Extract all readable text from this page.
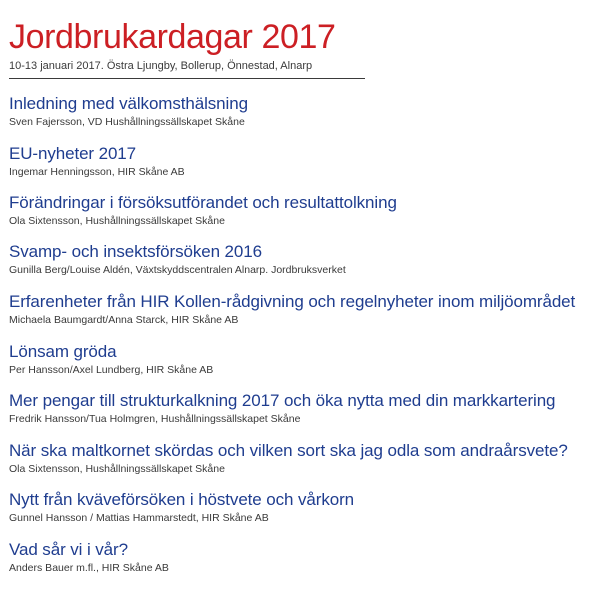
Jordbrukardagar 2017
10-13 januari 2017. Östra Ljungby, Bollerup, Önnestad, Alnarp
Inledning med välkomsthälsning
Sven Fajersson, VD Hushållningssällskapet Skåne
EU-nyheter 2017
Ingemar Henningsson, HIR Skåne AB
Förändringar i försöksutförandet och resultattolkning
Ola Sixtensson, Hushållningssällskapet Skåne
Svamp- och insektsförsöken 2016
Gunilla Berg/Louise Aldén, Växtskyddscentralen Alnarp. Jordbruksverket
Erfarenheter från HIR Kollen-rådgivning och regelnyheter inom miljöområdet
Michaela Baumgardt/Anna Starck, HIR Skåne AB
Lönsam gröda
Per Hansson/Axel Lundberg, HIR Skåne AB
Mer pengar till strukturkalkning 2017 och öka nytta med din markkartering
Fredrik Hansson/Tua Holmgren, Hushållningssällskapet Skåne
När ska maltkornet skördas och vilken sort ska jag odla som andraårsvete?
Ola Sixtensson, Hushållningssällskapet Skåne
Nytt från kväveförsöken i höstvete och vårkorn
Gunnel Hansson / Mattias Hammarstedt, HIR Skåne AB
Vad sår vi i vår?
Anders Bauer m.fl., HIR Skåne AB
